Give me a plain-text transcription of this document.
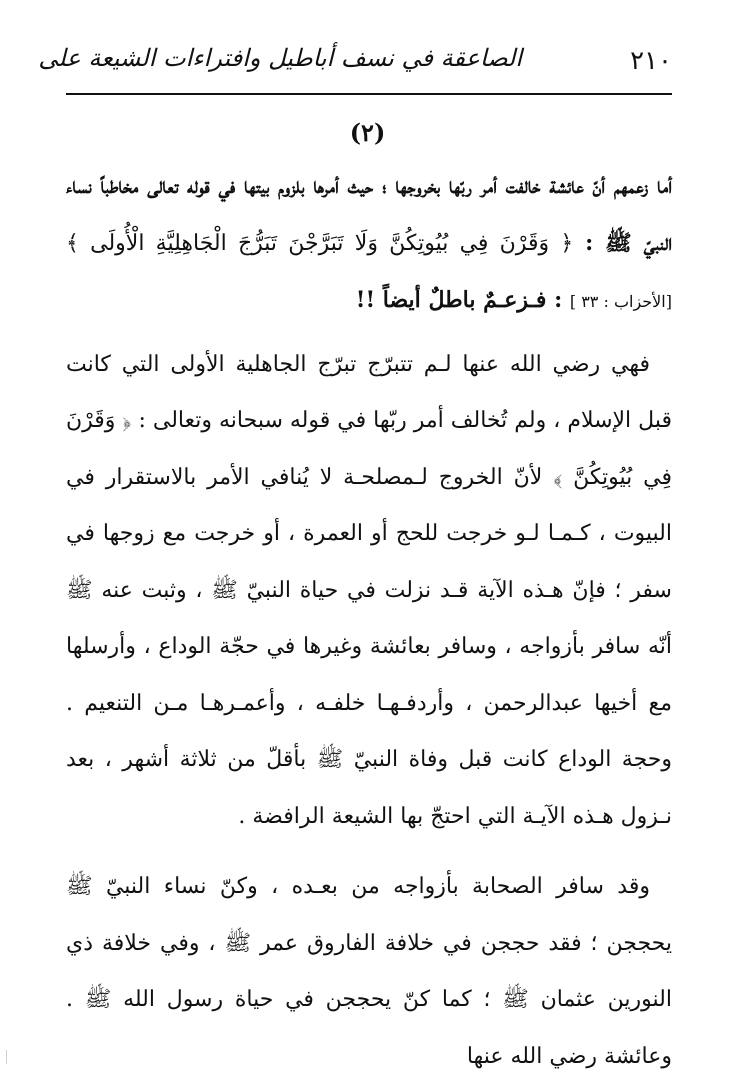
٢١٠
الصاعقة في نسف أباطيل وافتراءات الشيعة على
(٢)

أما زعمهم أنّ عائشة خالفت أمر ربّها بخروجها ؛ حيث أمرها بلزوم بيتها في قوله تعالى مخاطباً نساء النبيّ ﷺ : ﴿ وَقَرْنَ فِي بُيُوتِكُنَّ وَلَا تَبَرَّجْنَ تَبَرُّجَ الْجَاهِلِيَّةِ الْأُولَى ﴾ [الأحزاب : ٣٣ ] : فـزعـمٌ باطلٌ أيضاً !!

فهي رضي الله عنها لـم تتبرّج تبرّج الجاهلية الأولى التي كانت قبل الإسلام ، ولم تُخالف أمر ربّها في قوله سبحانه وتعالى : ﴿ وَقَرْنَ فِي بُيُوتِكُنَّ ﴾ لأنّ الخروج لـمصلحـة لا يُنافي الأمر بالاستقرار في البيوت ، كـمـا لـو خرجت للحج أو العمرة ، أو خرجت مع زوجها في سفر ؛ فإنّ هـذه الآية قـد نزلت في حياة النبيّ ﷺ ، وثبت عنه ﷺ أنّه سافر بأزواجه ، وسافر بعائشة وغيرها في حجّة الوداع ، وأرسلها مع أخيها عبدالرحمن ، وأردفـهـا خلفـه ، وأعمـرهـا مـن التنعيم . وحجة الوداع كانت قبل وفاة النبيّ ﷺ بأقلّ من ثلاثة أشهر ، بعد نـزول هـذه الآيـة التي احتجّ بها الشيعة الرافضة .

وقد سافر الصحابة بأزواجه من بعـده ، وكنّ نساء النبيّ ﷺ يحججن ؛ فقد حججن في خلافة الفاروق عمر ﷺ ، وفي خلافة ذي النورين عثمان ﷺ ؛ كما كنّ يحججن في حياة رسول الله ﷺ . وعائشة رضي الله عنها
